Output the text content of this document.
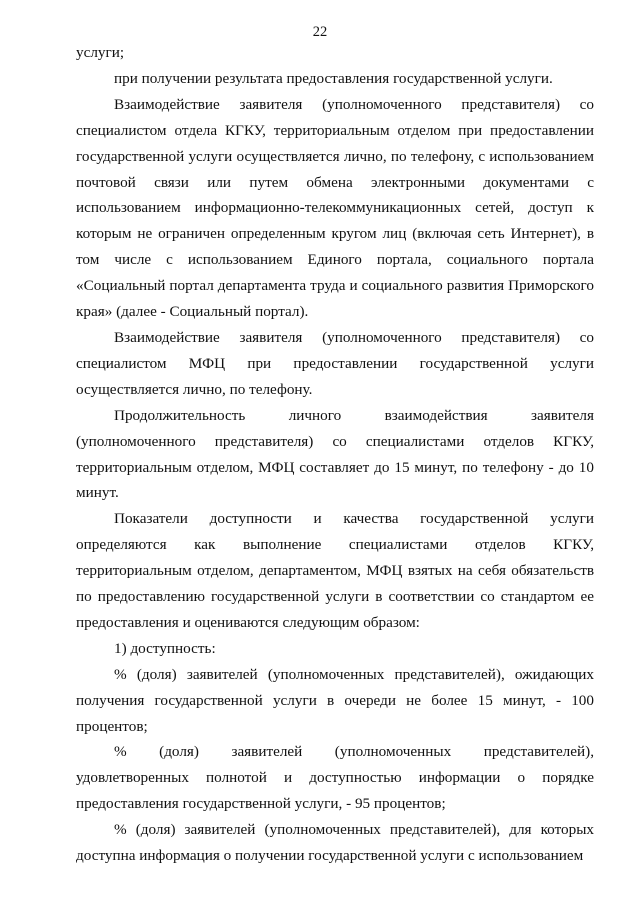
22

услуги;

при получении результата предоставления государственной услуги.

Взаимодействие заявителя (уполномоченного представителя) со специалистом отдела КГКУ, территориальным отделом при предоставлении государственной услуги осуществляется лично, по телефону, с использованием почтовой связи или путем обмена электронными документами с использованием информационно-телекоммуникационных сетей, доступ к которым не ограничен определенным кругом лиц (включая сеть Интернет), в том числе с использованием Единого портала, социального портала «Социальный портал департамента труда и социального развития Приморского края» (далее - Социальный портал).

Взаимодействие заявителя (уполномоченного представителя) со специалистом МФЦ при предоставлении государственной услуги осуществляется лично, по телефону.

Продолжительность личного взаимодействия заявителя (уполномоченного представителя) со специалистами отделов КГКУ, территориальным отделом, МФЦ составляет до 15 минут, по телефону - до 10 минут.

Показатели доступности и качества государственной услуги определяются как выполнение специалистами отделов КГКУ, территориальным отделом, департаментом, МФЦ взятых на себя обязательств по предоставлению государственной услуги в соответствии со стандартом ее предоставления и оцениваются следующим образом:

1) доступность:

% (доля) заявителей (уполномоченных представителей), ожидающих получения государственной услуги в очереди не более 15 минут, - 100 процентов;

% (доля) заявителей (уполномоченных представителей), удовлетворенных полнотой и доступностью информации о порядке предоставления государственной услуги, - 95 процентов;

% (доля) заявителей (уполномоченных представителей), для которых доступна информация о получении государственной услуги с использованием
